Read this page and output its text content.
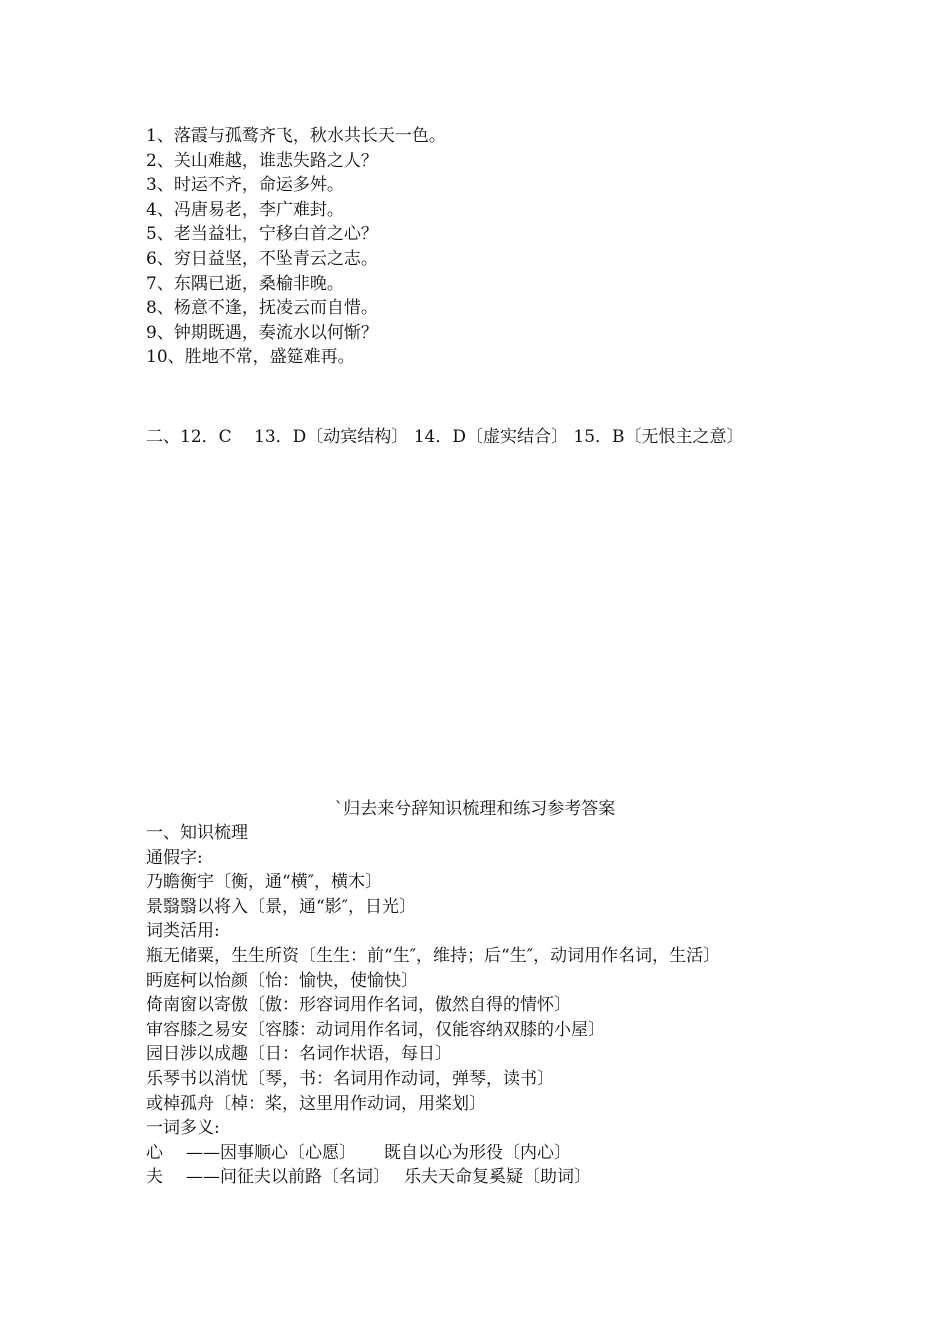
1、落霞与孤鹜齐飞，秋水共长天一色。
2、关山难越，谁悲失路之人？
3、时运不齐，命运多舛。
4、冯唐易老，李广难封。
5、老当益壮，宁移白首之心？
6、穷日益坚，不坠青云之志。
7、东隅已逝，桑榆非晚。
8、杨意不逢，抚凌云而自惜。
9、钟期既遇，奏流水以何惭？
10、胜地不常，盛筵难再。
二、12．C　 13．D〔动宾结构〕 14．D〔虚实结合〕 15．B〔无恨主之意〕
`归去来兮辞知识梳理和练习参考答案
一、知识梳理
通假字:
乃瞻衡宇〔衡，通“横″，横木〕
景翳翳以将入〔景，通“影″，日光〕
词类活用:
瓶无储粟，生生所资〔生生：前“生″，维持；后“生″，动词用作名词，生活〕
眄庭柯以怡颜〔怡：愉快，使愉快〕
倚南窗以寄傲〔傲：形容词用作名词，傲然自得的情怀〕
审容膝之易安〔容膝：动词用作名词，仅能容纳双膝的小屋〕
园日涉以成趣〔日：名词作状语，每日〕
乐琴书以消忧〔琴，书：名词用作动词，弹琴，读书〕
或棹孤舟〔棹：桨，这里用作动词，用桨划〕
一词多义:
心 ——因事顺心〔心愿〕 既自以心为形役〔内心〕
夫 ——问征夫以前路〔名词〕 乐夫天命复奚疑〔助词〕
